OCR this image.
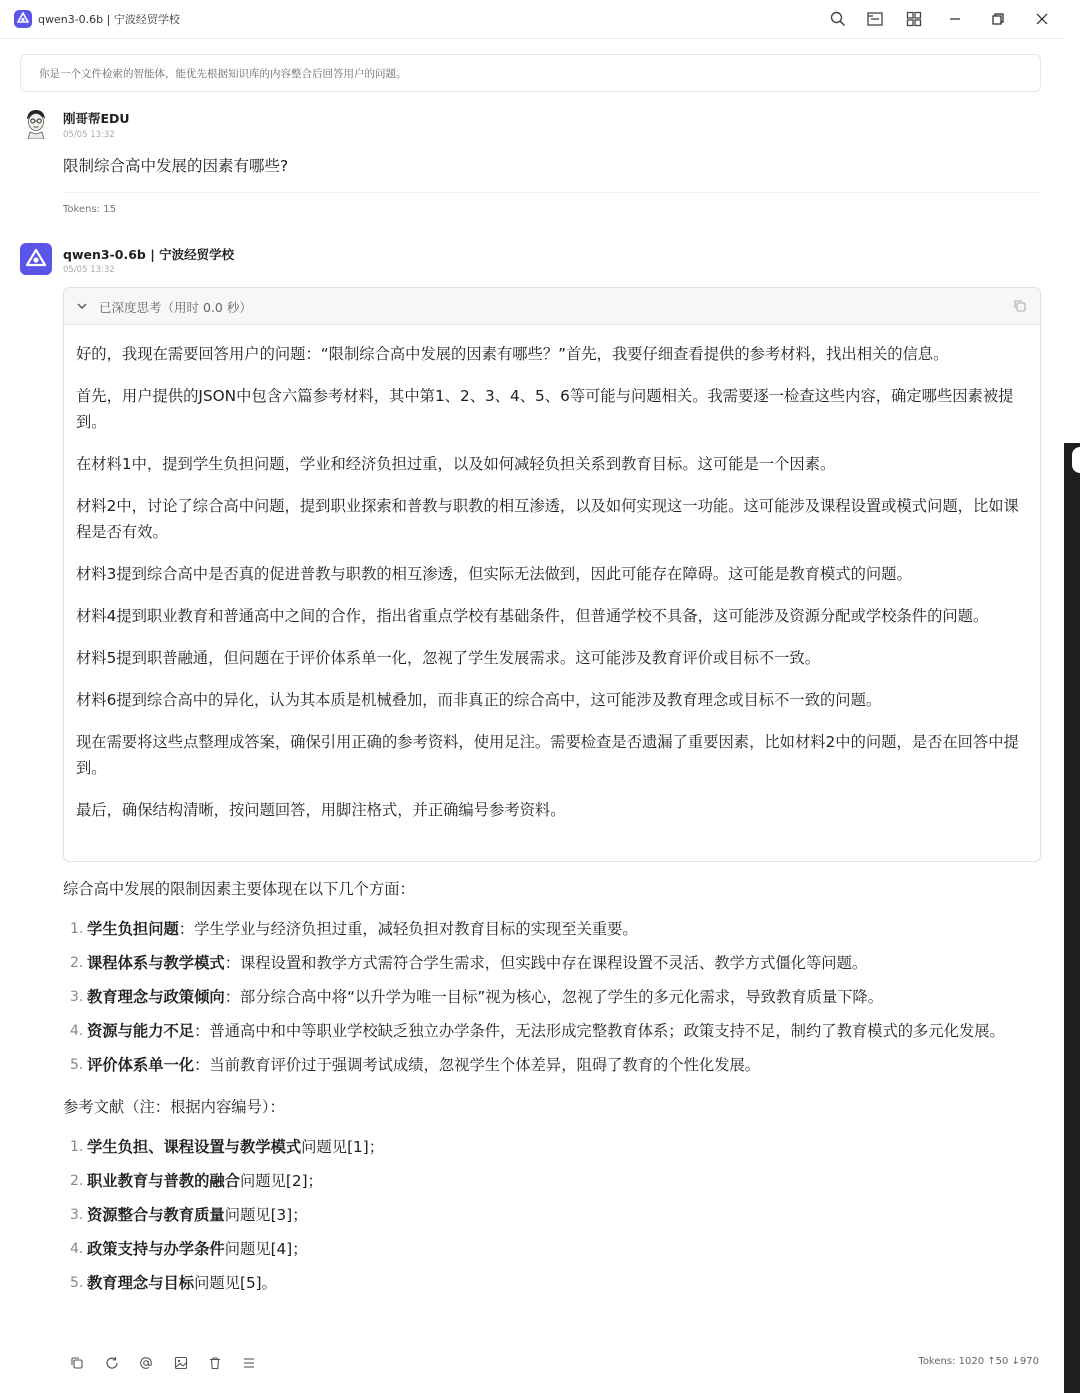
qwen3-0.6b | 宁波经贸学校
你是一个文件检索的智能体，能优先根据知识库的内容整合后回答用户的问题。
刚哥帮EDU
05/05 13:32
限制综合高中发展的因素有哪些?
Tokens: 15
qwen3-0.6b | 宁波经贸学校
05/05 13:32
已深度思考（用时 0.0 秒）

好的，我现在需要回答用户的问题：“限制综合高中发展的因素有哪些？”首先，我要仔细查看提供的参考材料，找出相关的信息。

首先，用户提供的JSON中包含六篇参考材料，其中第1、2、3、4、5、6等可能与问题相关。我需要逐一检查这些内容，确定哪些因素被提到。

在材料1中，提到学生负担问题，学业和经济负担过重，以及如何减轻负担关系到教育目标。这可能是一个因素。

材料2中，讨论了综合高中问题，提到职业探索和普教与职教的相互渗透，以及如何实现这一功能。这可能涉及课程设置或模式问题，比如课程是否有效。

材料3提到综合高中是否真的促进普教与职教的相互渗透，但实际无法做到，因此可能存在障碍。这可能是教育模式的问题。

材料4提到职业教育和普通高中之间的合作，指出省重点学校有基础条件，但普通学校不具备，这可能涉及资源分配或学校条件的问题。

材料5提到职普融通，但问题在于评价体系单一化，忽视了学生发展需求。这可能涉及教育评价或目标不一致。

材料6提到综合高中的异化，认为其本质是机械叠加，而非真正的综合高中，这可能涉及教育理念或目标不一致的问题。

现在需要将这些点整理成答案，确保引用正确的参考资料，使用足注。需要检查是否遗漏了重要因素，比如材料2中的问题，是否在回答中提到。

最后，确保结构清晰，按问题回答，用脚注格式，并正确编号参考资料。

综合高中发展的限制因素主要体现在以下几个方面：

1. 学生负担问题：学生学业与经济负担过重，减轻负担对教育目标的实现至关重要。
2. 课程体系与教学模式：课程设置和教学方式需符合学生需求，但实践中存在课程设置不灵活、教学方式僵化等问题。
3. 教育理念与政策倾向：部分综合高中将“以升学为唯一目标”视为核心，忽视了学生的多元化需求，导致教育质量下降。
4. 资源与能力不足：普通高中和中等职业学校缺乏独立办学条件，无法形成完整教育体系；政策支持不足，制约了教育模式的多元化发展。
5. 评价体系单一化：当前教育评价过于强调考试成绩，忽视学生个体差异，阻碍了教育的个性化发展。

参考文献（注：根据内容编号）：

1. 学生负担、课程设置与教学模式问题见[1]；
2. 职业教育与普教的融合问题见[2]；
3. 资源整合与教育质量问题见[3]；
4. 政策支持与办学条件问题见[4]；
5. 教育理念与目标问题见[5]。
Tokens: 1020 ↑50 ↓970
